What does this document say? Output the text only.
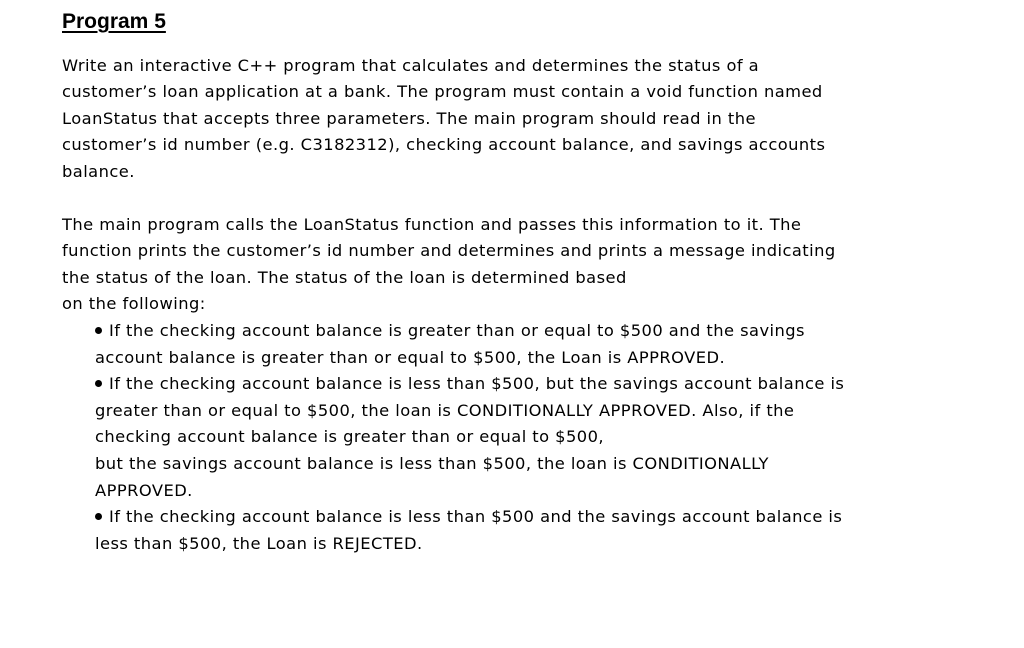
Program 5

Write an interactive C++ program that calculates and determines the status of a
customer’s loan application at a bank. The program must contain a void function named
LoanStatus that accepts three parameters. The main program should read in the
customer’s id number (e.g. C3182312), checking account balance, and savings accounts
balance.

The main program calls the LoanStatus function and passes this information to it. The
function prints the customer’s id number and determines and prints a message indicating
the status of the loan. The status of the loan is determined based
on the following:

If the checking account balance is greater than or equal to $500 and the savings
account balance is greater than or equal to $500, the Loan is APPROVED.
If the checking account balance is less than $500, but the savings account balance is
greater than or equal to $500, the loan is CONDITIONALLY APPROVED. Also, if the
checking account balance is greater than or equal to $500,
but the savings account balance is less than $500, the loan is CONDITIONALLY
APPROVED.
If the checking account balance is less than $500 and the savings account balance is
less than $500, the Loan is REJECTED.
